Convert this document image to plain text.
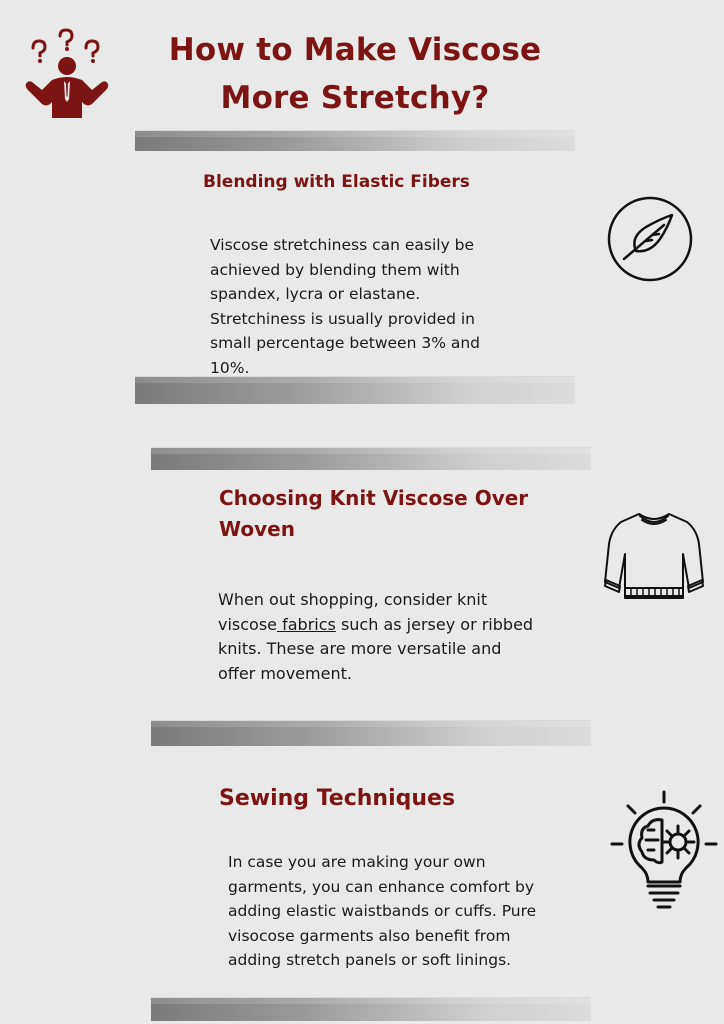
How to Make Viscose More Stretchy?
Blending with Elastic Fibers
Viscose stretchiness can easily be achieved by blending them with spandex, lycra or elastane. Stretchiness is usually provided in small percentage between 3% and 10%.
Choosing Knit Viscose Over Woven
When out shopping, consider knit viscose fabrics such as jersey or ribbed knits. These are more versatile and offer movement.
Sewing Techniques
In case you are making your own garments, you can enhance comfort by adding elastic waistbands or cuffs. Pure visocose garments also benefit from adding stretch panels or soft linings.
